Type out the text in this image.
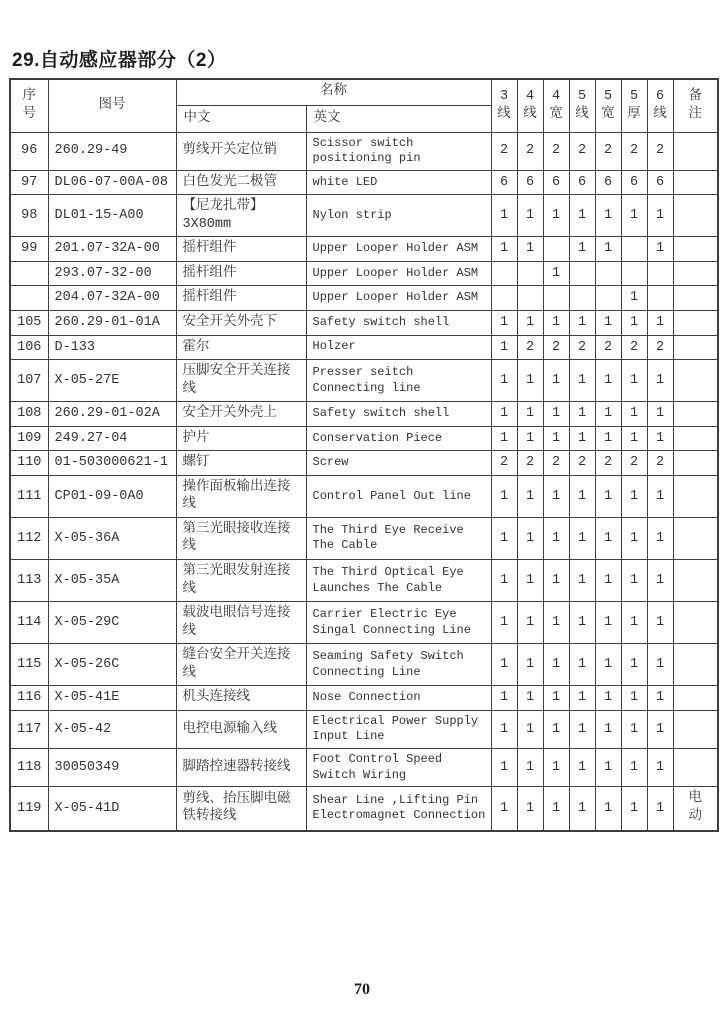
29.自动感应器部分（2）
序号	图号	名称		3线	4线	4宽	5线	5宽	5厚	6线	备注
		中文	英文								
96	260.29-49	剪线开关定位销	Scissor switch positioning pin	2	2	2	2	2	2	2	
97	DL06-07-00A-08	白色发光二极管	white LED	6	6	6	6	6	6	6	
98	DL01-15-A00	【尼龙扎带】3X80mm	Nylon strip	1	1	1	1	1	1	1	
99	201.07-32A-00	摇杆组件	Upper Looper Holder ASM	1	1		1	1		1	
	293.07-32-00	摇杆组件	Upper Looper Holder ASM			1					
	204.07-32A-00	摇杆组件	Upper Looper Holder ASM						1		
105	260.29-01-01A	安全开关外壳下	Safety switch shell	1	1	1	1	1	1	1	
106	D-133	霍尔	Holzer	1	2	2	2	2	2	2	
107	X-05-27E	压脚安全开关连接线	Presser seitch Connecting line	1	1	1	1	1	1	1	
108	260.29-01-02A	安全开关外壳上	Safety switch shell	1	1	1	1	1	1	1	
109	249.27-04	护片	Conservation Piece	1	1	1	1	1	1	1	
110	01-503000621-1	螺钉	Screw	2	2	2	2	2	2	2	
111	CP01-09-0A0	操作面板输出连接线	Control Panel Out line	1	1	1	1	1	1	1	
112	X-05-36A	第三光眼接收连接线	The Third Eye Receive The Cable	1	1	1	1	1	1	1	
113	X-05-35A	第三光眼发射连接线	The Third Optical Eye Launches The Cable	1	1	1	1	1	1	1	
114	X-05-29C	载波电眼信号连接线	Carrier Electric Eye Singal Connecting Line	1	1	1	1	1	1	1	
115	X-05-26C	缝台安全开关连接线	Seaming Safety Switch Connecting Line	1	1	1	1	1	1	1	
116	X-05-41E	机头连接线	Nose Connection	1	1	1	1	1	1	1	
117	X-05-42	电控电源输入线	Electrical Power Supply Input Line	1	1	1	1	1	1	1	
118	30050349	脚踏控速器转接线	Foot Control Speed Switch Wiring	1	1	1	1	1	1	1	
119	X-05-41D	剪线、抬压脚电磁铁转接线	Shear Line ,Lifting Pin Electromagnet Connection	1	1	1	1	1	1	1	电动
70
